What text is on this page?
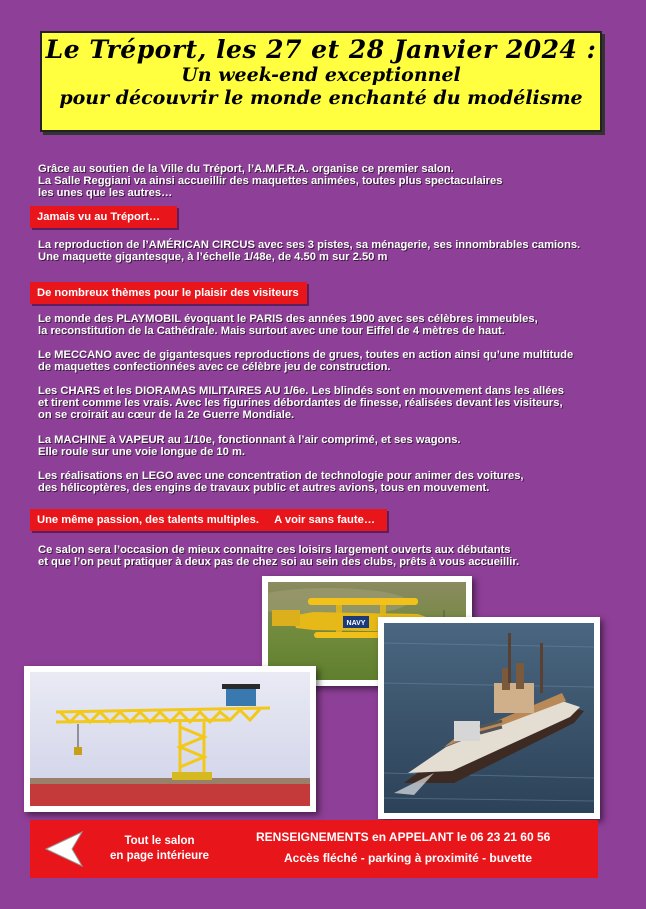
Le Tréport, les 27 et 28 Janvier 2024 :
Un week-end exceptionnel
pour découvrir le monde enchanté du modélisme

Grâce au soutien de la Ville du Tréport, l’A.M.F.R.A. organise ce premier salon.

La Salle Reggiani va ainsi accueillir des maquettes animées, toutes plus spectaculaires

les unes que les autres…

Jamais vu au Tréport…

La reproduction de l’AMÉRICAN CIRCUS avec ses 3 pistes, sa ménagerie, ses innombrables camions.

Une maquette gigantesque, à l’échelle 1/48e, de 4.50 m sur 2.50 m

De nombreux thèmes pour le plaisir des visiteurs

Le monde des PLAYMOBIL évoquant le PARIS des années 1900 avec ses célèbres immeubles,

la reconstitution de la Cathédrale. Mais surtout avec une tour Eiffel de 4 mètres de haut.

Le MECCANO avec de gigantesques reproductions de grues, toutes en action ainsi qu’une multitude

de maquettes confectionnées avec ce célèbre jeu de construction.

Les CHARS et les DIORAMAS MILITAIRES AU 1/6e. Les blindés sont en mouvement dans les allées

et tirent comme les vrais. Avec les figurines débordantes de finesse, réalisées devant les visiteurs,

on se croirait au cœur de la 2e Guerre Mondiale.

La MACHINE à VAPEUR au 1/10e, fonctionnant à l’air comprimé, et ses wagons.

Elle roule sur une voie longue de 10 m.

Les réalisations en LEGO avec une concentration de technologie pour animer des voitures,

des hélicoptères, des engins de travaux public et autres avions, tous en mouvement.

Une même passion, des talents multiples.     A voir sans faute…

Ce salon sera l’occasion de mieux connaitre ces loisirs largement ouverts aux débutants

et que l’on peut pratiquer à deux pas de chez soi au sein des clubs, prêts à vous accueillir.

NAVY
Tout le salon
en page intérieure
RENSEIGNEMENTS en APPELANT le 06 23 21 60 56
Accès fléché - parking à proximité - buvette
